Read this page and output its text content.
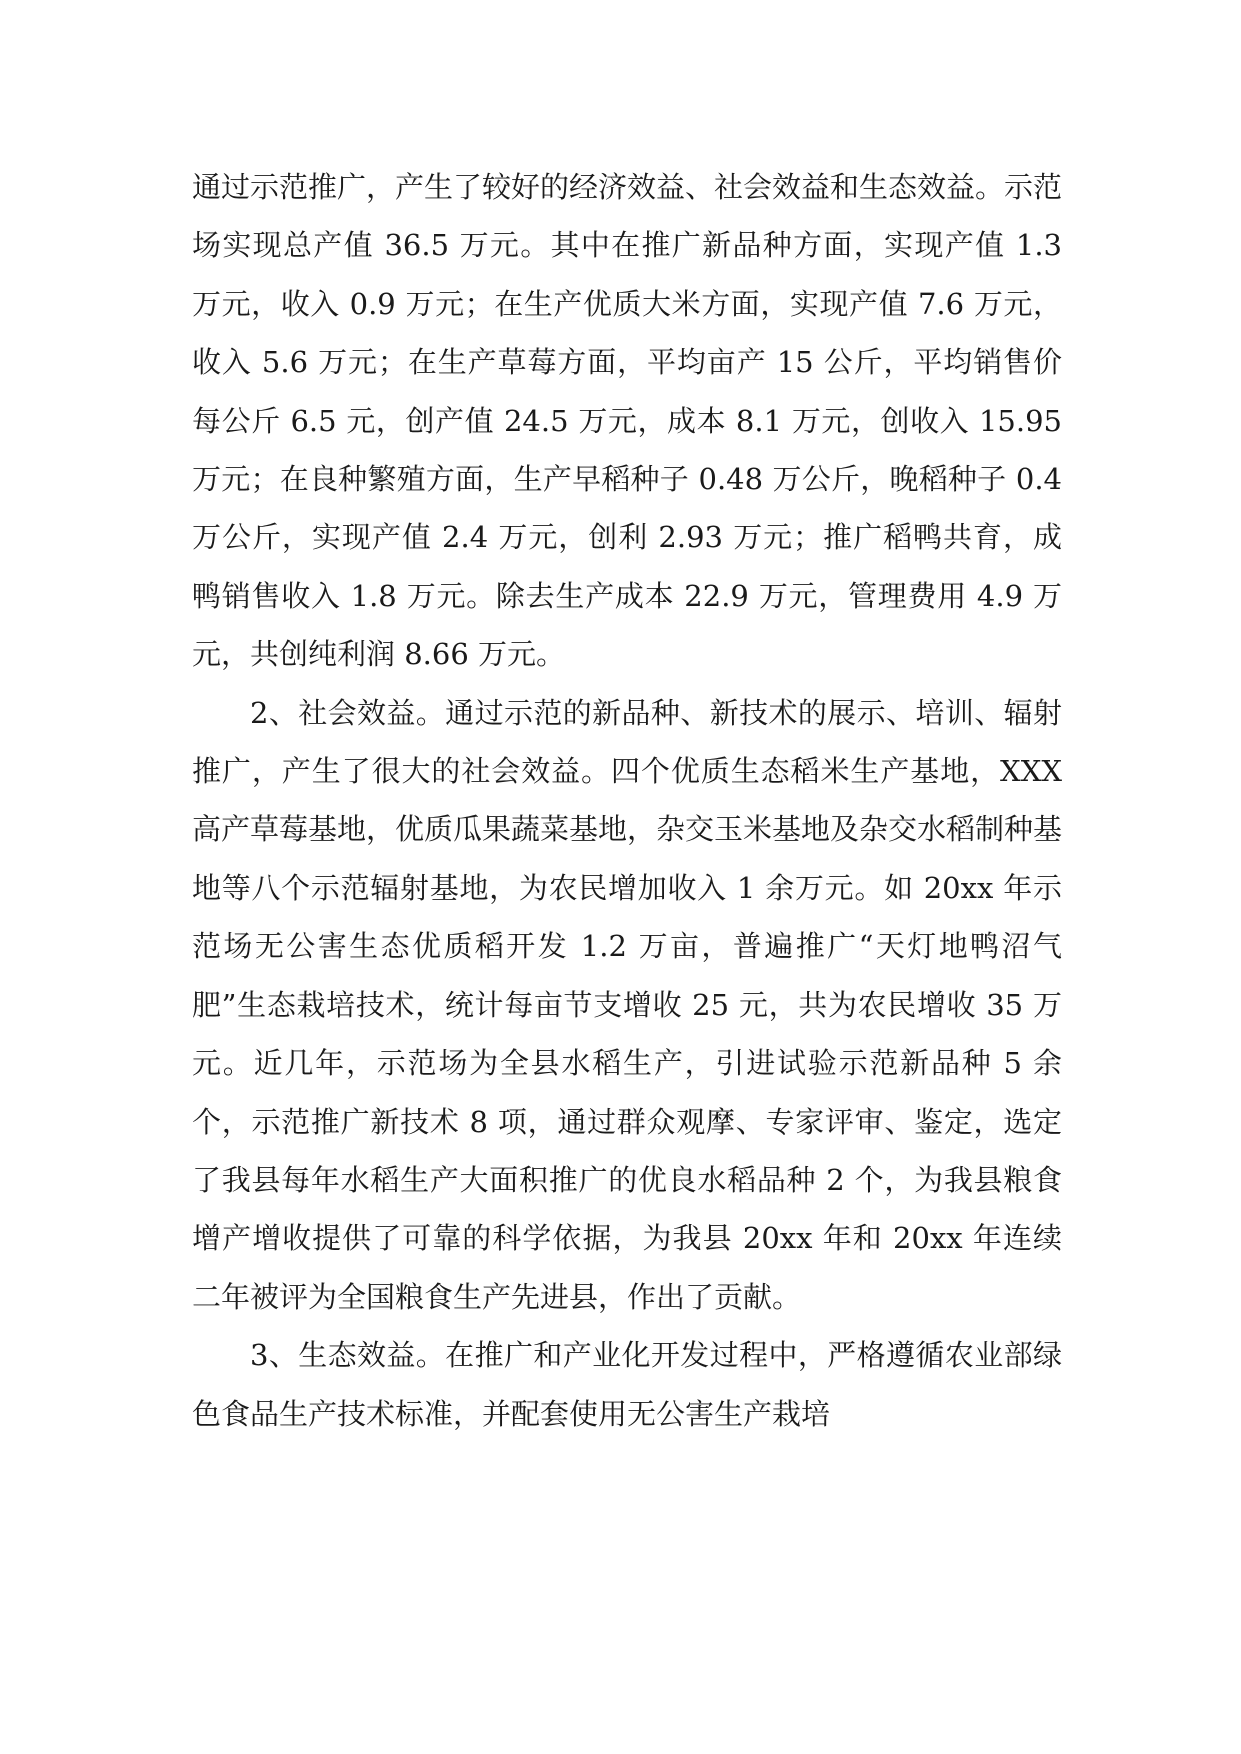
通过示范推广，产生了较好的经济效益、社会效益和生态效益。示范场实现总产值 36.5 万元。其中在推广新品种方面，实现产值 1.3 万元，收入 0.9 万元；在生产优质大米方面，实现产值 7.6 万元，收入 5.6 万元；在生产草莓方面，平均亩产 15 公斤，平均销售价每公斤 6.5 元，创产值 24.5 万元，成本 8.1 万元，创收入 15.95 万元；在良种繁殖方面，生产早稻种子 0.48 万公斤，晚稻种子 0.4 万公斤，实现产值 2.4 万元，创利 2.93 万元；推广稻鸭共育，成鸭销售收入 1.8 万元。除去生产成本 22.9 万元，管理费用 4.9 万元，共创纯利润 8.66 万元。

2、社会效益。通过示范的新品种、新技术的展示、培训、辐射推广，产生了很大的社会效益。四个优质生态稻米生产基地，XXX 高产草莓基地，优质瓜果蔬菜基地，杂交玉米基地及杂交水稻制种基地等八个示范辐射基地，为农民增加收入 1 余万元。如 20xx 年示范场无公害生态优质稻开发 1.2 万亩，普遍推广“天灯地鸭沼气肥”生态栽培技术，统计每亩节支增收 25 元，共为农民增收 35 万元。近几年，示范场为全县水稻生产，引进试验示范新品种 5 余个，示范推广新技术 8 项，通过群众观摩、专家评审、鉴定，选定了我县每年水稻生产大面积推广的优良水稻品种 2 个，为我县粮食增产增收提供了可靠的科学依据，为我县 20xx 年和 20xx 年连续二年被评为全国粮食生产先进县，作出了贡献。

3、生态效益。在推广和产业化开发过程中，严格遵循农业部绿色食品生产技术标准，并配套使用无公害生产栽培
